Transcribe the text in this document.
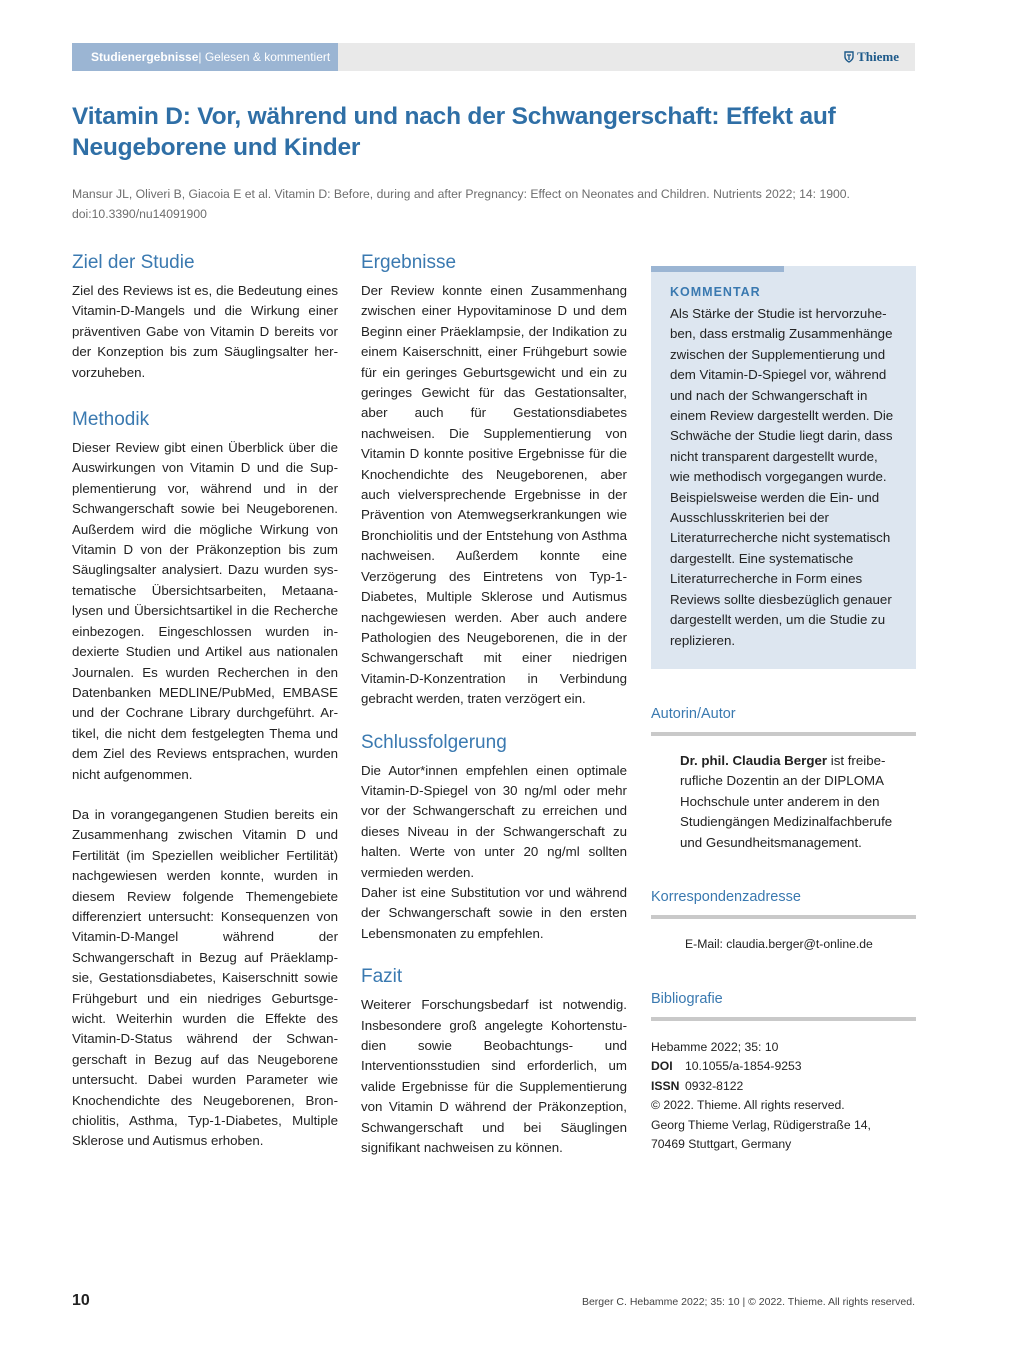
Studienergebnisse| Gelesen & kommentiert	Thieme
Vitamin D: Vor, während und nach der Schwangerschaft: Effekt auf Neugeborene und Kinder

Mansur JL, Oliveri B, Giacoia E et al. Vitamin D: Before, during and after Pregnancy: Effect on Neonates and Children. Nutrients 2022; 14: 1900. doi:10.3390/nu14091900

Ziel der Studie

Ziel des Reviews ist es, die Bedeutung eines Vitamin-D-Mangels und die Wirkung einer präventiven Gabe von Vitamin D bereits vor der Konzeption bis zum Säuglingsalter hervorzuheben.

Methodik

Dieser Review gibt einen Überblick über die Auswirkungen von Vitamin D und die Supplementierung vor, während und in der Schwangerschaft sowie bei Neugeborenen. Außerdem wird die mögliche Wirkung von Vitamin D von der Präkonzeption bis zum Säuglingsalter analysiert. Dazu wurden systematische Übersichtsarbeiten, Metaanalysen und Übersichtsartikel in die Recherche einbezogen. Eingeschlossen wurden indexierte Studien und Artikel aus nationalen Journalen. Es wurden Recherchen in den Datenbanken MEDLINE/PubMed, EMBASE und der Cochrane Library durchgeführt. Artikel, die nicht dem festgelegten Thema und dem Ziel des Reviews entsprachen, wurden nicht aufgenommen.

Da in vorangegangenen Studien bereits ein Zusammenhang zwischen Vitamin D und Fertilität (im Speziellen weiblicher Fertilität) nachgewiesen werden konnte, wurden in diesem Review folgende Themengebiete differenziert untersucht: Konsequenzen von Vitamin-D-Mangel während der Schwangerschaft in Bezug auf Präeklampsie, Gestationsdiabetes, Kaiserschnitt sowie Frühgeburt und ein niedriges Geburtsgewicht. Weiterhin wurden die Effekte des Vitamin-D-Status während der Schwangerschaft in Bezug auf das Neugeborene untersucht. Dabei wurden Parameter wie Knochendichte des Neugeborenen, Bronchiolitis, Asthma, Typ-1-Diabetes, Multiple Sklerose und Autismus erhoben.

Ergebnisse

Der Review konnte einen Zusammenhang zwischen einer Hypovitaminose D und dem Beginn einer Präeklampsie, der Indikation zu einem Kaiserschnitt, einer Frühgeburt sowie für ein geringes Geburtsgewicht und ein zu geringes Gewicht für das Gestationsalter, aber auch für Gestationsdiabetes nachweisen. Die Supplementierung von Vitamin D konnte positive Ergebnisse für die Knochendichte des Neugeborenen, aber auch vielversprechende Ergebnisse in der Prävention von Atemwegserkrankungen wie Bronchiolitis und der Entstehung von Asthma nachweisen. Außerdem konnte eine Verzögerung des Eintretens von Typ-1-Diabetes, Multiple Sklerose und Autismus nachgewiesen werden. Aber auch andere Pathologien des Neugeborenen, die in der Schwangerschaft mit einer niedrigen Vitamin-D-Konzentration in Verbindung gebracht werden, traten verzögert ein.

Schlussfolgerung

Die Autor*innen empfehlen einen optimale Vitamin-D-Spiegel von 30 ng/ml oder mehr vor der Schwangerschaft zu erreichen und dieses Niveau in der Schwangerschaft zu halten. Werte von unter 20 ng/ml sollten vermieden werden.

Daher ist eine Substitution vor und während der Schwangerschaft sowie in den ersten Lebensmonaten zu empfehlen.

Fazit

Weiterer Forschungsbedarf ist notwendig. Insbesondere groß angelegte Kohortenstudien sowie Beobachtungs- und Interventionsstudien sind erforderlich, um valide Ergebnisse für die Supplementierung von Vitamin D während der Präkonzeption, Schwangerschaft und bei Säuglingen signifikant nachweisen zu können.

KOMMENTAR

Als Stärke der Studie ist hervorzuheben, dass erstmalig Zusammenhänge zwischen der Supplementierung und dem Vitamin-D-Spiegel vor, während und nach der Schwangerschaft in einem Review dargestellt werden. Die Schwäche der Studie liegt darin, dass nicht transparent dargestellt wurde, wie methodisch vorgegangen wurde. Beispielsweise werden die Ein- und Ausschlusskriterien bei der Literaturrecherche nicht systematisch dargestellt. Eine systematische Literaturrecherche in Form eines Reviews sollte diesbezüglich genauer dargestellt werden, um die Studie zu replizieren.

Autorin/Autor

Dr. phil. Claudia Berger ist freiberufliche Dozentin an der DIPLOMA Hochschule unter anderem in den Studiengängen Medizinalfachberufe und Gesundheitsmanagement.

Korrespondenzadresse

E-Mail: claudia.berger@t-online.de

Bibliografie
Hebamme 2022; 35: 10
DOI 10.1055/a-1854-9253
ISSN 0932-8122
© 2022. Thieme. All rights reserved.
Georg Thieme Verlag, Rüdigerstraße 14,
70469 Stuttgart, Germany
10	Berger C. Hebamme 2022; 35: 10 | © 2022. Thieme. All rights reserved.
